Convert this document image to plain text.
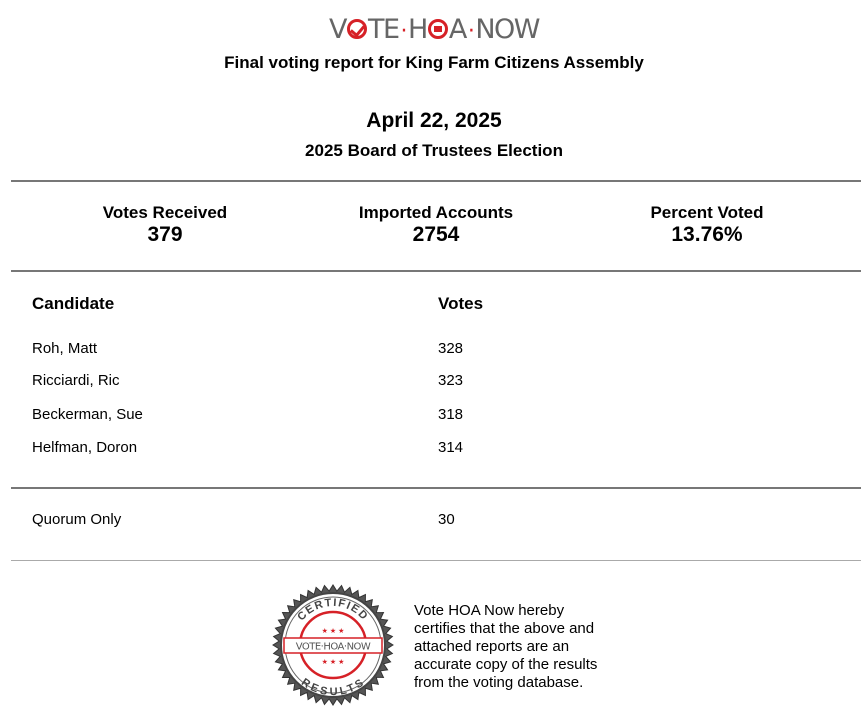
V TE·H A·NOW
Final voting report for King Farm Citizens Assembly
April 22, 2025
2025 Board of Trustees Election
Votes Received
379
Imported Accounts
2754
Percent Voted
13.76%
Candidate	Votes
Roh, Matt	328
Ricciardi, Ric	323
Beckerman, Sue	318
Helfman, Doron	314
Quorum Only	30
CERTIFIED
RESULTS
VOTE·HOA·NOW
★ ★ ★
★ ★ ★
Vote HOA Now hereby certifies that the above and attached reports are an accurate copy of the results from the voting database.
